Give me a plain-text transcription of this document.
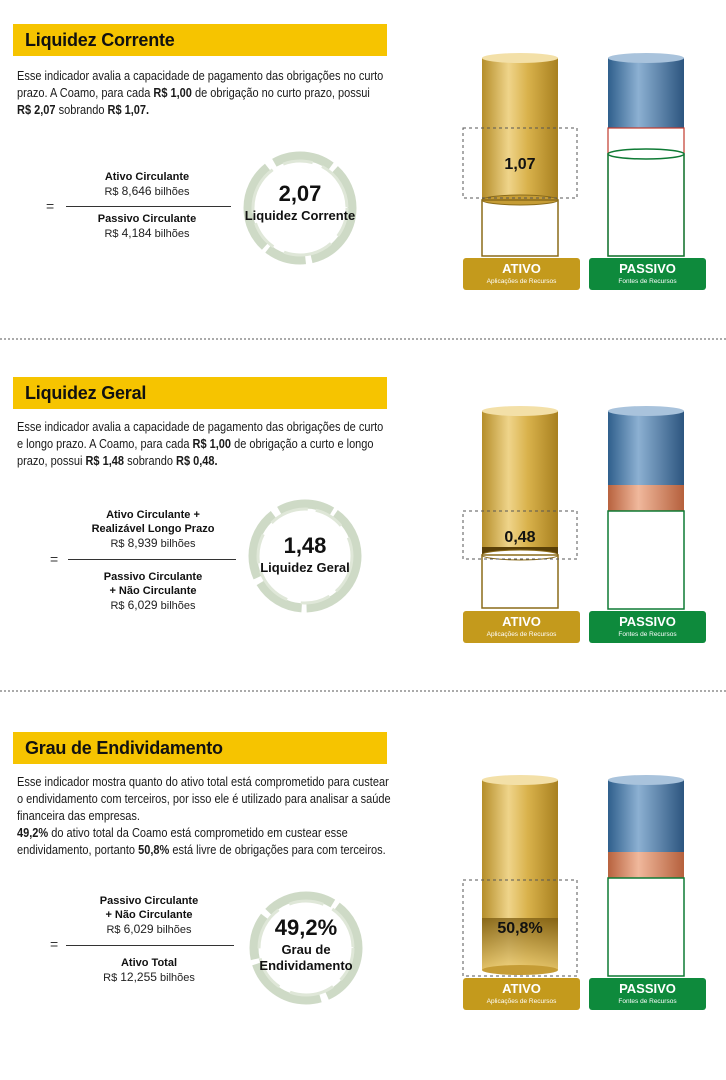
Liquidez Corrente
Esse indicador avalia a capacidade de pagamento das obrigações no curto
prazo. A Coamo, para cada R$ 1,00 de obrigação no curto prazo, possui
R$ 2,07 sobrando R$ 1,07.
=
Ativo Circulante
R$ 8,646 bilhões
Passivo Circulante
R$ 4,184 bilhões
2,07
Liquidez Corrente
1,07
ATIVO
Aplicações de Recursos
PASSIVO
Fontes de Recursos
Liquidez Geral
Esse indicador avalia a capacidade de pagamento das obrigações de curto
e longo prazo. A Coamo, para cada R$ 1,00 de obrigação a curto e longo
prazo, possui R$ 1,48 sobrando R$ 0,48.
=
Ativo Circulante +
Realizável Longo Prazo
R$ 8,939 bilhões
Passivo Circulante
+ Não Circulante
R$ 6,029 bilhões
1,48
Liquidez Geral
0,48
ATIVO
Aplicações de Recursos
PASSIVO
Fontes de Recursos
Grau de Endividamento
Esse indicador mostra quanto do ativo total está comprometido para custear
o endividamento com terceiros, por isso ele é utilizado para analisar a saúde
financeira das empresas.
49,2% do ativo total da Coamo está comprometido em custear esse
endividamento, portanto 50,8% está livre de obrigações para com terceiros.
=
Passivo Circulante
+ Não Circulante
R$ 6,029 bilhões
Ativo Total
R$ 12,255 bilhões
49,2%
Grau de
Endividamento
50,8%
ATIVO
Aplicações de Recursos
PASSIVO
Fontes de Recursos
